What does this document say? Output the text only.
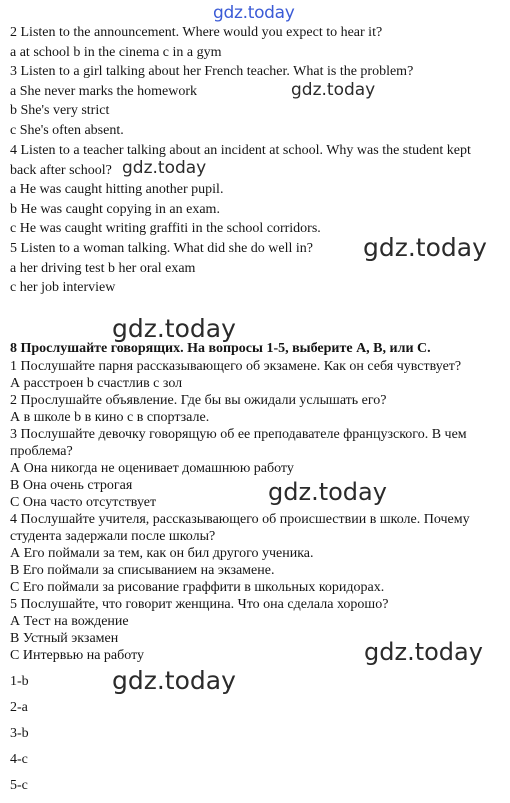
gdz.today
2 Listen to the announcement. Where would you expect to hear it?
a at school b in the cinema c in a gym
3 Listen to a girl talking about her French teacher. What is the problem?
a She never marks the homework
b She's very strict
c She's often absent.
4 Listen to a teacher talking about an incident at school. Why was the student kept
back after school?
a He was caught hitting another pupil.
b He was caught copying in an exam.
c He was caught writing graffiti in the school corridors.
5 Listen to a woman talking. What did she do well in?
a her driving test b her oral exam
c her job interview
gdz.today
gdz.today
gdz.today
gdz.today
8 Прослушайте говорящих. На вопросы 1-5, выберите А, В, или С.
1 Послушайте парня рассказывающего об экзамене. Как он себя чувствует?
А расстроен b счастлив с зол
2 Прослушайте объявление. Где бы вы ожидали услышать его?
А в школе b в кино с в спортзале.
3 Послушайте девочку говорящую об ее преподавателе французского. В чем
проблема?
А Она никогда не оценивает домашнюю работу
В Она очень строгая
С Она часто отсутствует
4 Послушайте учителя, рассказывающего об происшествии в школе. Почему
студента задержали после школы?
А Его поймали за тем, как он бил другого ученика.
В Его поймали за списыванием на экзамене.
С Его поймали за рисование граффити в школьных коридорах.
5 Послушайте, что говорит женщина. Что она сделала хорошо?
А Тест на вождение
В Устный экзамен
С Интервью на работу
gdz.today
gdz.today
gdz.today
1-b
2-a
3-b
4-c
5-c
